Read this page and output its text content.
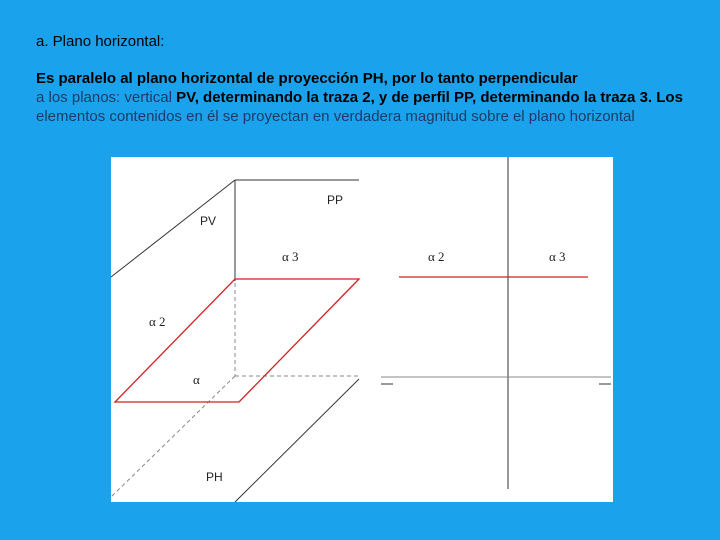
a. Plano horizontal:

Es paralelo al plano horizontal de proyección PH, por lo tanto perpendicular
a los planos: vertical PV, determinando la traza 2, y de perfil PP, determinando la traza 3. Los elementos contenidos en él se proyectan en verdadera magnitud sobre el plano horizontal

PP
PV
PH
α 3
α 2
α
α 2	α 3
